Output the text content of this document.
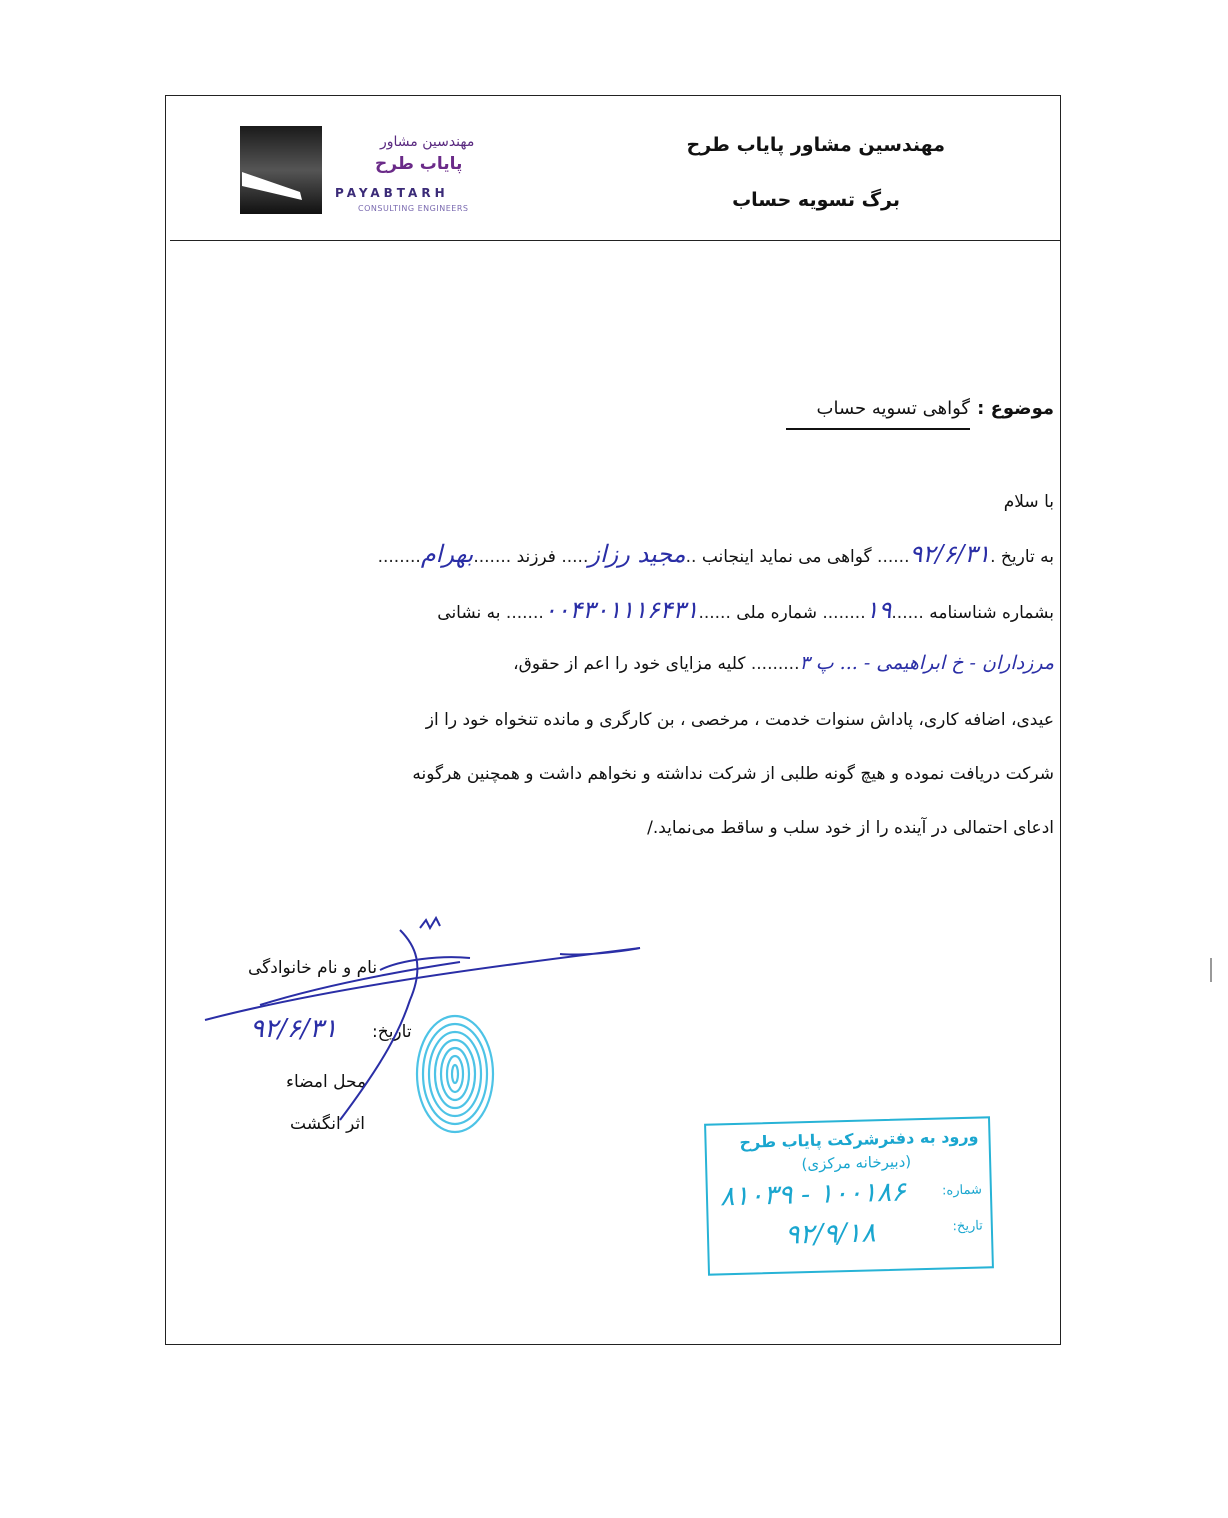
مهندسین مشاور پایاب طرح
برگ تسویه حساب
مهندسین مشاور
پایاب طرح
PAYABTARH
CONSULTING ENGINEERS
موضوع :
گواهی تسویه حساب
با سلام
به تاریخ .۹۲/۶/۳۱...... گواهی می نماید اینجانب ..مجید رزاز..... فرزند .......بهرام........
بشماره شناسنامه ......۱۹........ شماره ملی ......۰۰۴۳۰۱۱۱۶۴۳۱....... به نشانی
مرزداران - خ ابراهیمی - ... پ ۳......... کلیه مزایای خود را اعم از حقوق،
عیدی، اضافه کاری، پاداش سنوات خدمت ، مرخصی ، بن کارگری و مانده تنخواه خود را از
شرکت دریافت نموده و هیچ گونه طلبی از شرکت نداشته و نخواهم داشت و همچنین هرگونه
ادعای احتمالی در آینده را از خود سلب و ساقط می‌نماید./
نام و نام خانوادگی
تاریخ:
۹۲/۶/۳۱
محل امضاء
اثر انگشت
ورود به دفترشرکت پایاب طرح
(دبیرخانه مرکزی)
شماره:
۱۰۰۱۸۶ - ۸۱۰۳۹
تاریخ:
۹۲/۹/۱۸
